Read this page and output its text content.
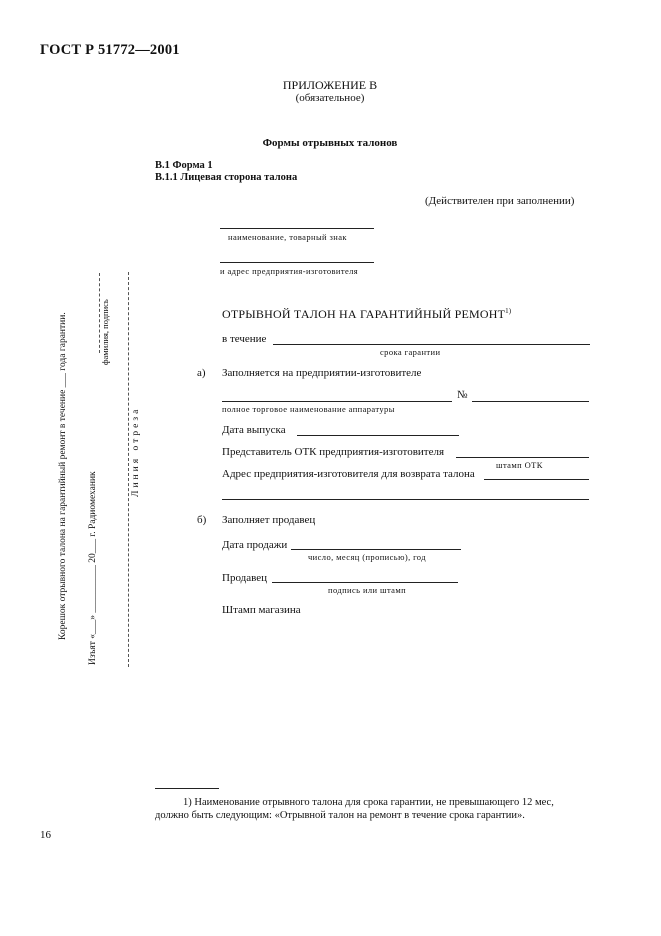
ГОСТ Р 51772—2001
ПРИЛОЖЕНИЕ В
(обязательное)
Формы отрывных талонов
В.1 Форма 1
В.1.1 Лицевая сторона талона
(Действителен при заполнении)
наименование, товарный знак
и адрес предприятия-изготовителя
ОТРЫВНОЙ ТАЛОН НА ГАРАНТИЙНЫЙ РЕМОНТ$^{1)}$
в течение
срока гарантии
а) Заполняется на предприятии-изготовителе
№
полное торговое наименование аппаратуры
Дата выпуска
Представитель ОТК предприятия-изготовителя
штамп ОТК
Адрес предприятия-изготовителя для возврата талона
б) Заполняет продавец
Дата продажи
число, месяц (прописью), год
Продавец
подпись или штамп
Штамп магазина
Корешок отрывного талона на гарантийный ремонт в течение ___ года гарантии. Изъят «___» __________ 20___ г. Радиомеханик
фамилия, подпись
Линия отреза
1) Наименование отрывного талона для срока гарантии, не превышающего 12 мес,
должно быть следующим: «Отрывной талон на ремонт в течение срока гарантии».
16
